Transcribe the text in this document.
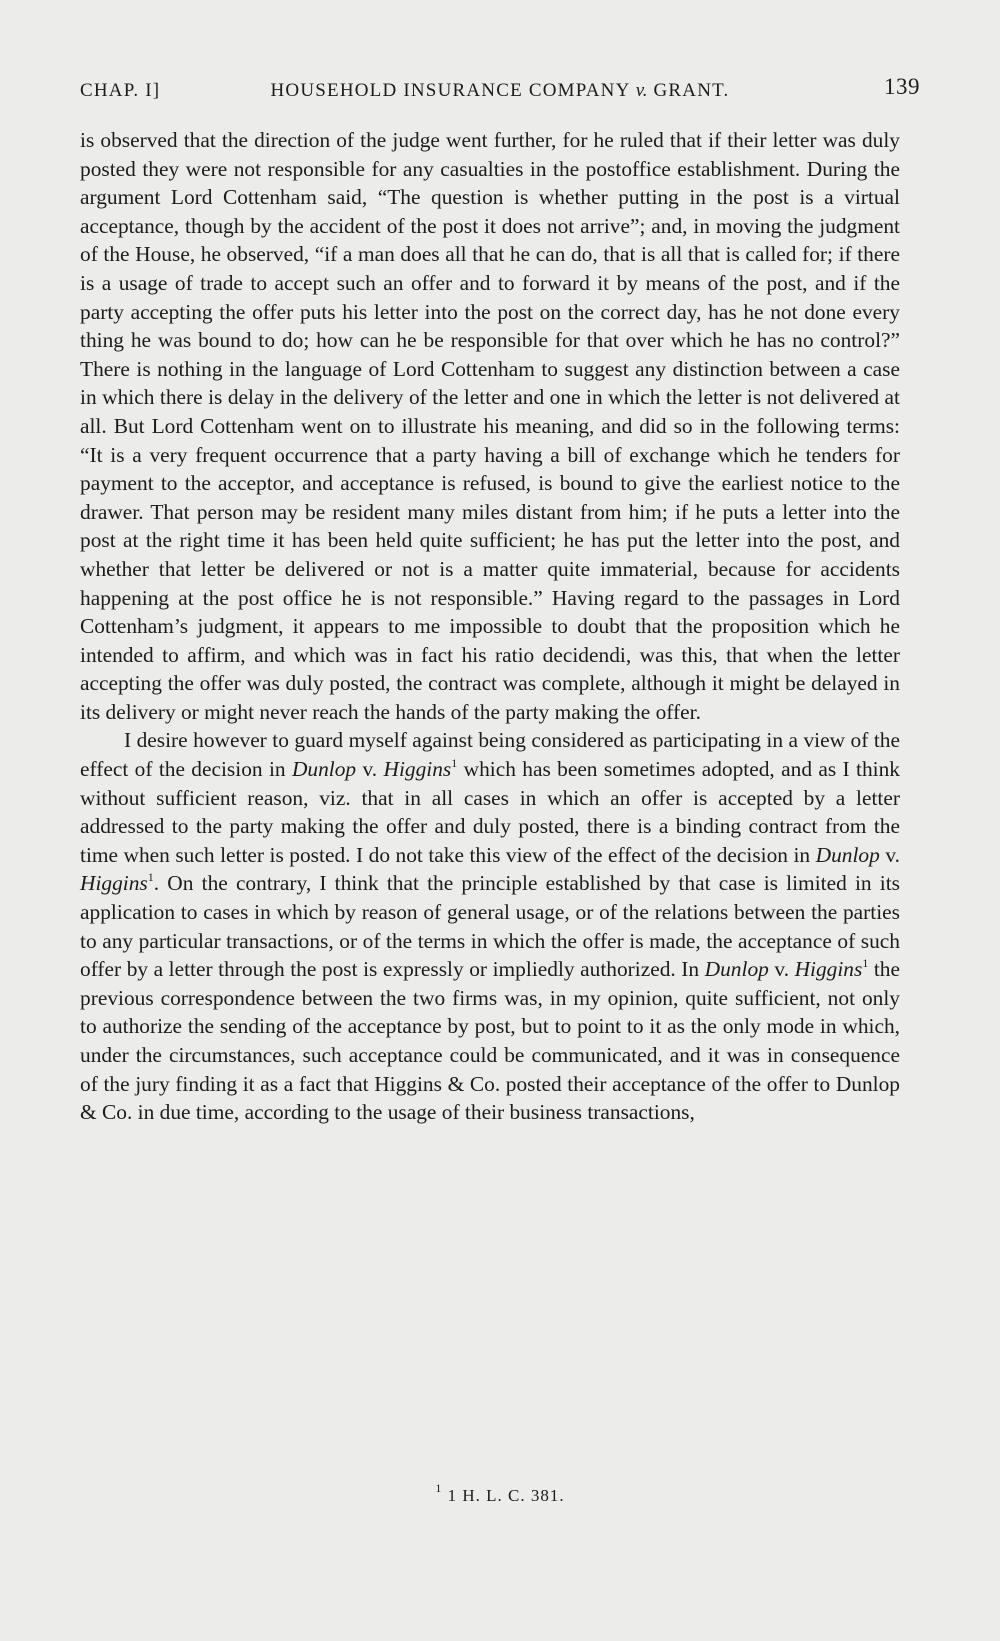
CHAP. I]	HOUSEHOLD INSURANCE COMPANY v. GRANT.	139

is observed that the direction of the judge went further, for he ruled that if their letter was duly posted they were not responsible for any casualties in the postoffice establishment. During the argument Lord Cottenham said, “The question is whether putting in the post is a virtual acceptance, though by the accident of the post it does not arrive”; and, in moving the judgment of the House, he observed, “if a man does all that he can do, that is all that is called for; if there is a usage of trade to accept such an offer and to forward it by means of the post, and if the party accepting the offer puts his letter into the post on the correct day, has he not done every thing he was bound to do; how can he be responsible for that over which he has no control?” There is nothing in the language of Lord Cottenham to suggest any distinction between a case in which there is delay in the delivery of the letter and one in which the letter is not delivered at all. But Lord Cottenham went on to illustrate his meaning, and did so in the following terms: “It is a very frequent occurrence that a party having a bill of exchange which he tenders for payment to the acceptor, and acceptance is refused, is bound to give the earliest notice to the drawer. That person may be resident many miles distant from him; if he puts a letter into the post at the right time it has been held quite sufficient; he has put the letter into the post, and whether that letter be delivered or not is a matter quite immaterial, because for accidents happening at the post office he is not responsible.” Having regard to the passages in Lord Cottenham’s judgment, it appears to me impossible to doubt that the proposition which he intended to affirm, and which was in fact his ratio decidendi, was this, that when the letter accepting the offer was duly posted, the contract was complete, although it might be delayed in its delivery or might never reach the hands of the party making the offer.

I desire however to guard myself against being considered as participating in a view of the effect of the decision in Dunlop v. Higgins$^1$ which has been sometimes adopted, and as I think without sufficient reason, viz. that in all cases in which an offer is accepted by a letter addressed to the party making the offer and duly posted, there is a binding contract from the time when such letter is posted. I do not take this view of the effect of the decision in Dunlop v. Higgins$^1$. On the contrary, I think that the principle established by that case is limited in its application to cases in which by reason of general usage, or of the relations between the parties to any particular transactions, or of the terms in which the offer is made, the acceptance of such offer by a letter through the post is expressly or impliedly authorized. In Dunlop v. Higgins$^1$ the previous correspondence between the two firms was, in my opinion, quite sufficient, not only to authorize the sending of the acceptance by post, but to point to it as the only mode in which, under the circumstances, such acceptance could be communicated, and it was in consequence of the jury finding it as a fact that Higgins & Co. posted their acceptance of the offer to Dunlop & Co. in due time, according to the usage of their business transactions,

$^1$ 1 H. L. C. 381.
